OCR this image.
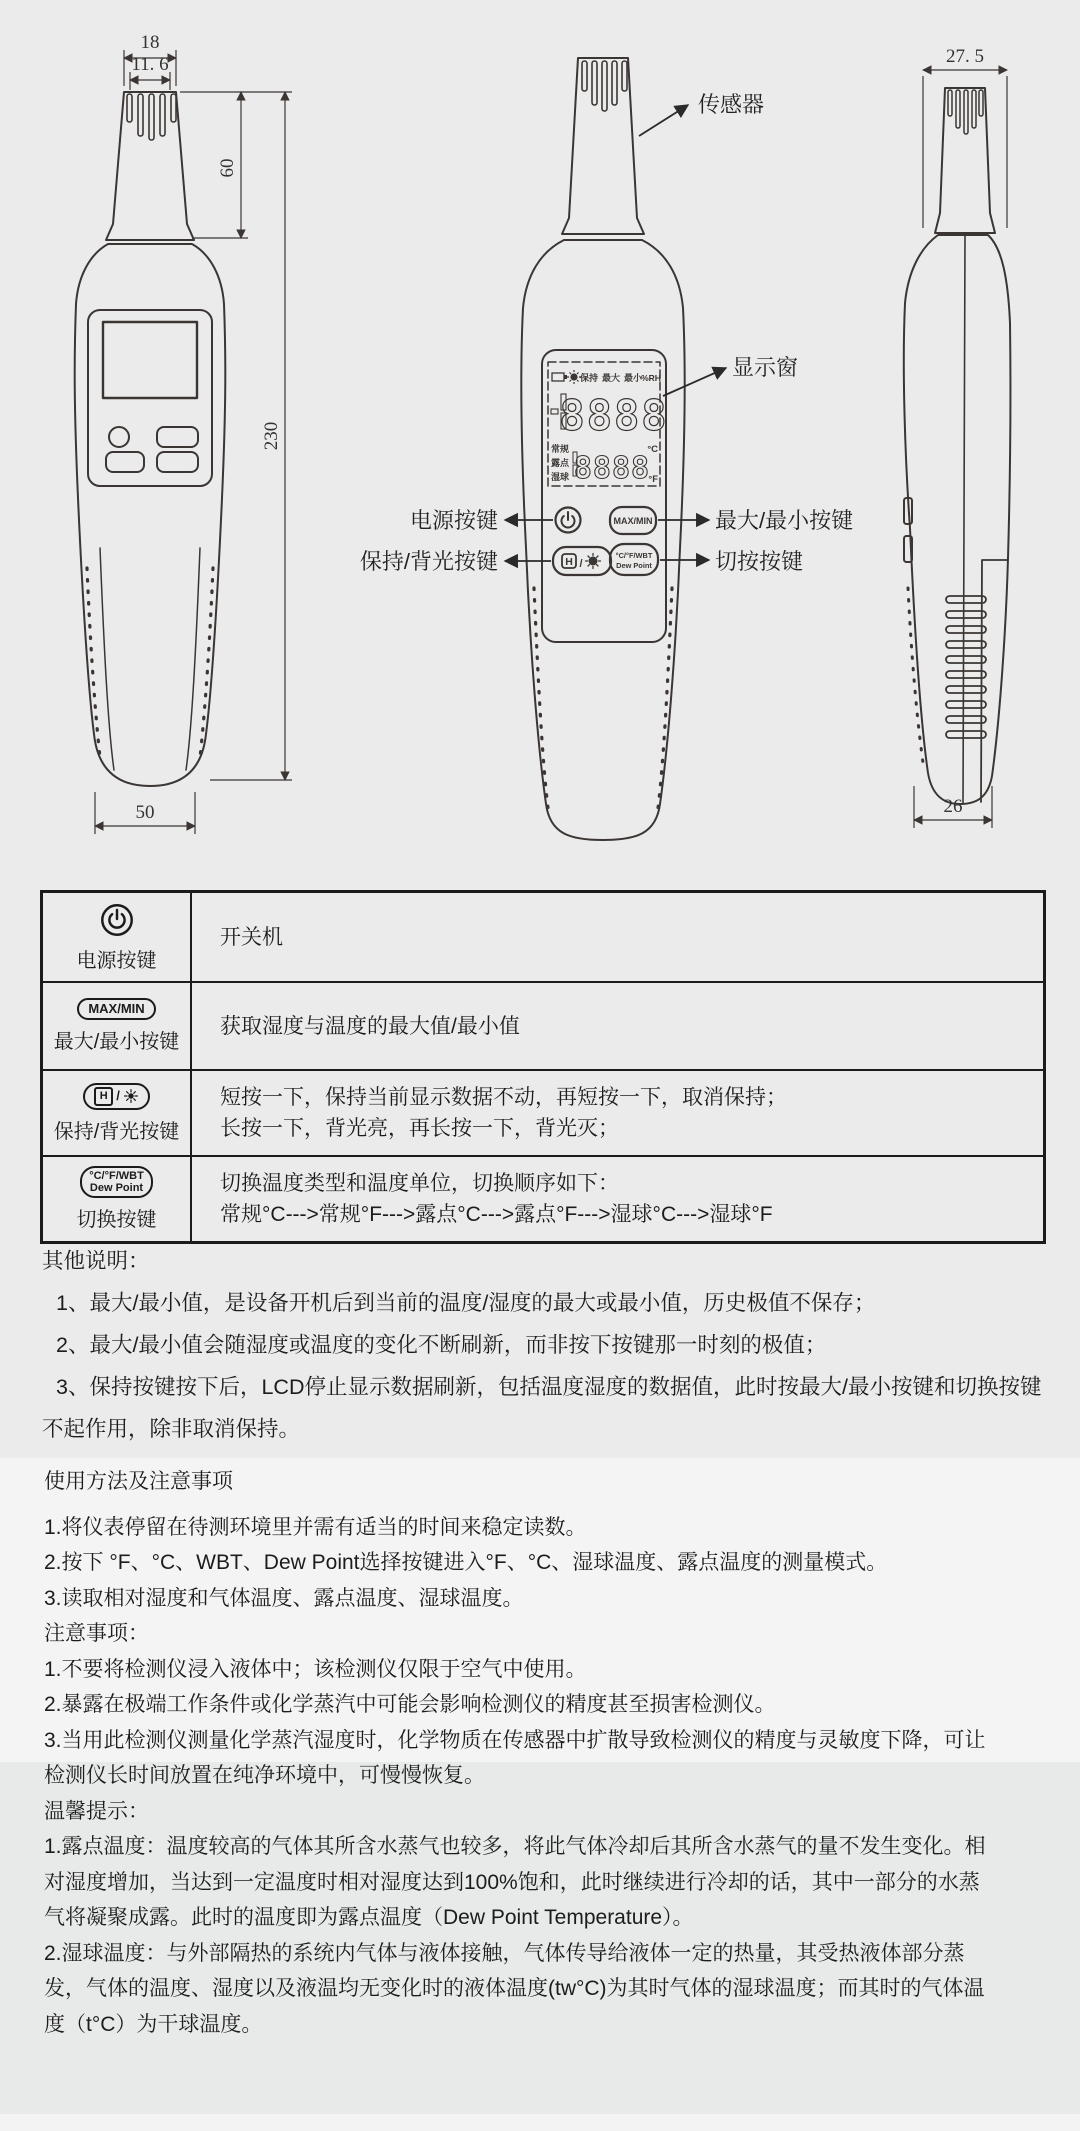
18
11. 6
60
230
50
保持 最大 最小 %RH
8888
常规
露点
湿球 8888
°C
°F
MAX/MIN
H /
°C/°F/WBT
Dew Point
传感器
显示窗
电源按键
保持/背光按键
最大/最小按键
切按按键
27. 5
26
电源按键

开关机

MAX/MIN
最大/最小按键

获取湿度与温度的最大值/最小值

H /
保持/背光按键

短按一下，保持当前显示数据不动，再短按一下，取消保持；

长按一下，背光亮，再长按一下，背光灭；

°C/°F/WBT
Dew Point
切换按键

切换温度类型和温度单位，切换顺序如下：

常规°C--->常规°F--->露点°C--->露点°F--->湿球°C--->湿球°F

其他说明：

1、最大/最小值，是设备开机后到当前的温度/湿度的最大或最小值，历史极值不保存；

2、最大/最小值会随湿度或温度的变化不断刷新，而非按下按键那一时刻的极值；

3、保持按键按下后，LCD停止显示数据刷新，包括温度湿度的数据值，此时按最大/最小按键和切换按键不起作用，除非取消保持。

使用方法及注意事项

1.将仪表停留在待测环境里并需有适当的时间来稳定读数。

2.按下 °F、°C、WBT、Dew Point选择按键进入°F、°C、湿球温度、露点温度的测量模式。

3.读取相对湿度和气体温度、露点温度、湿球温度。

注意事项：

1.不要将检测仪浸入液体中；该检测仪仅限于空气中使用。

2.暴露在极端工作条件或化学蒸汽中可能会影响检测仪的精度甚至损害检测仪。

3.当用此检测仪测量化学蒸汽湿度时，化学物质在传感器中扩散导致检测仪的精度与灵敏度下降，可让检测仪长时间放置在纯净环境中，可慢慢恢复。

温馨提示：

1.露点温度：温度较高的气体其所含水蒸气也较多，将此气体冷却后其所含水蒸气的量不发生变化。相对湿度增加，当达到一定温度时相对湿度达到100%饱和，此时继续进行冷却的话，其中一部分的水蒸气将凝聚成露。此时的温度即为露点温度（Dew Point Temperature）。

2.湿球温度：与外部隔热的系统内气体与液体接触，气体传导给液体一定的热量，其受热液体部分蒸发，气体的温度、湿度以及液温均无变化时的液体温度(tw°C)为其时气体的湿球温度；而其时的气体温度（t°C）为干球温度。
